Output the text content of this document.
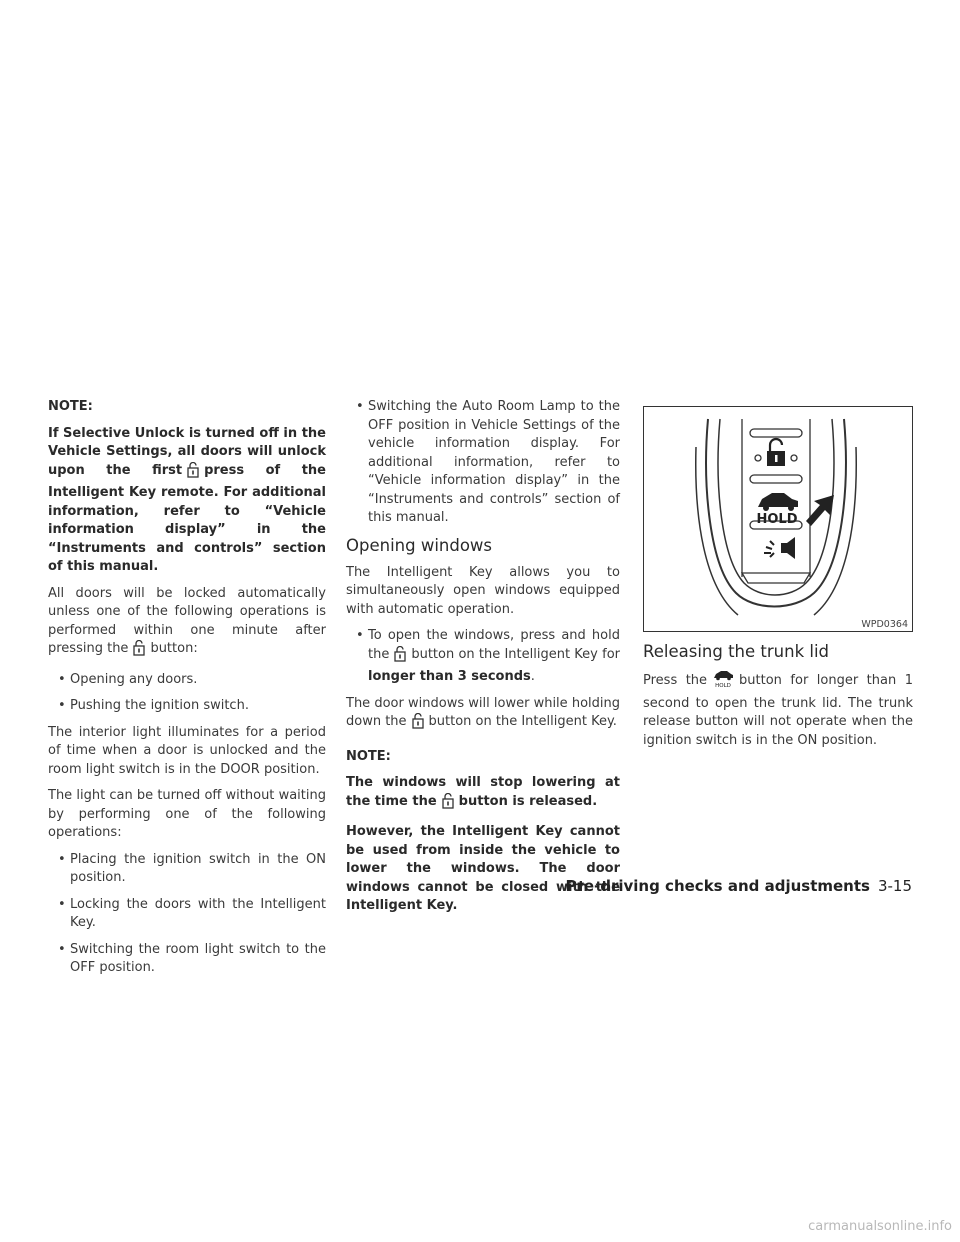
NOTE:

If Selective Unlock is turned off in the Vehicle Settings, all doors will unlock upon the first press of the Intelligent Key remote. For additional information, refer to “Vehicle information display” in the “Instruments and controls” section of this manual.

All doors will be locked automatically unless one of the following operations is performed within one minute after pressing the button:

• Opening any doors.
• Pushing the ignition switch.

The interior light illuminates for a period of time when a door is unlocked and the room light switch is in the DOOR position.

The light can be turned off without waiting by performing one of the following operations:

• Placing the ignition switch in the ON position.
• Locking the doors with the Intelligent Key.
• Switching the room light switch to the OFF position.
• Switching the Auto Room Lamp to the OFF position in Vehicle Settings of the vehicle information display. For additional information, refer to “Vehicle information display” in the “Instruments and controls” section of this manual.
Opening windows

The Intelligent Key allows you to simultaneously open windows equipped with automatic operation.

• To open the windows, press and hold the button on the Intelligent Key for longer than 3 seconds.

The door windows will lower while holding down the button on the Intelligent Key.

NOTE:

The windows will stop lowering at the time the button is released.

However, the Intelligent Key cannot be used from inside the vehicle to lower the windows. The door windows cannot be closed with the Intelligent Key.

HOLD
WPD0364
Releasing the trunk lid

Press the HOLD button for longer than 1 second to open the trunk lid. The trunk release button will not operate when the ignition switch is in the ON position.

Pre-driving checks and adjustments 3-15
carmanualsonline.info
